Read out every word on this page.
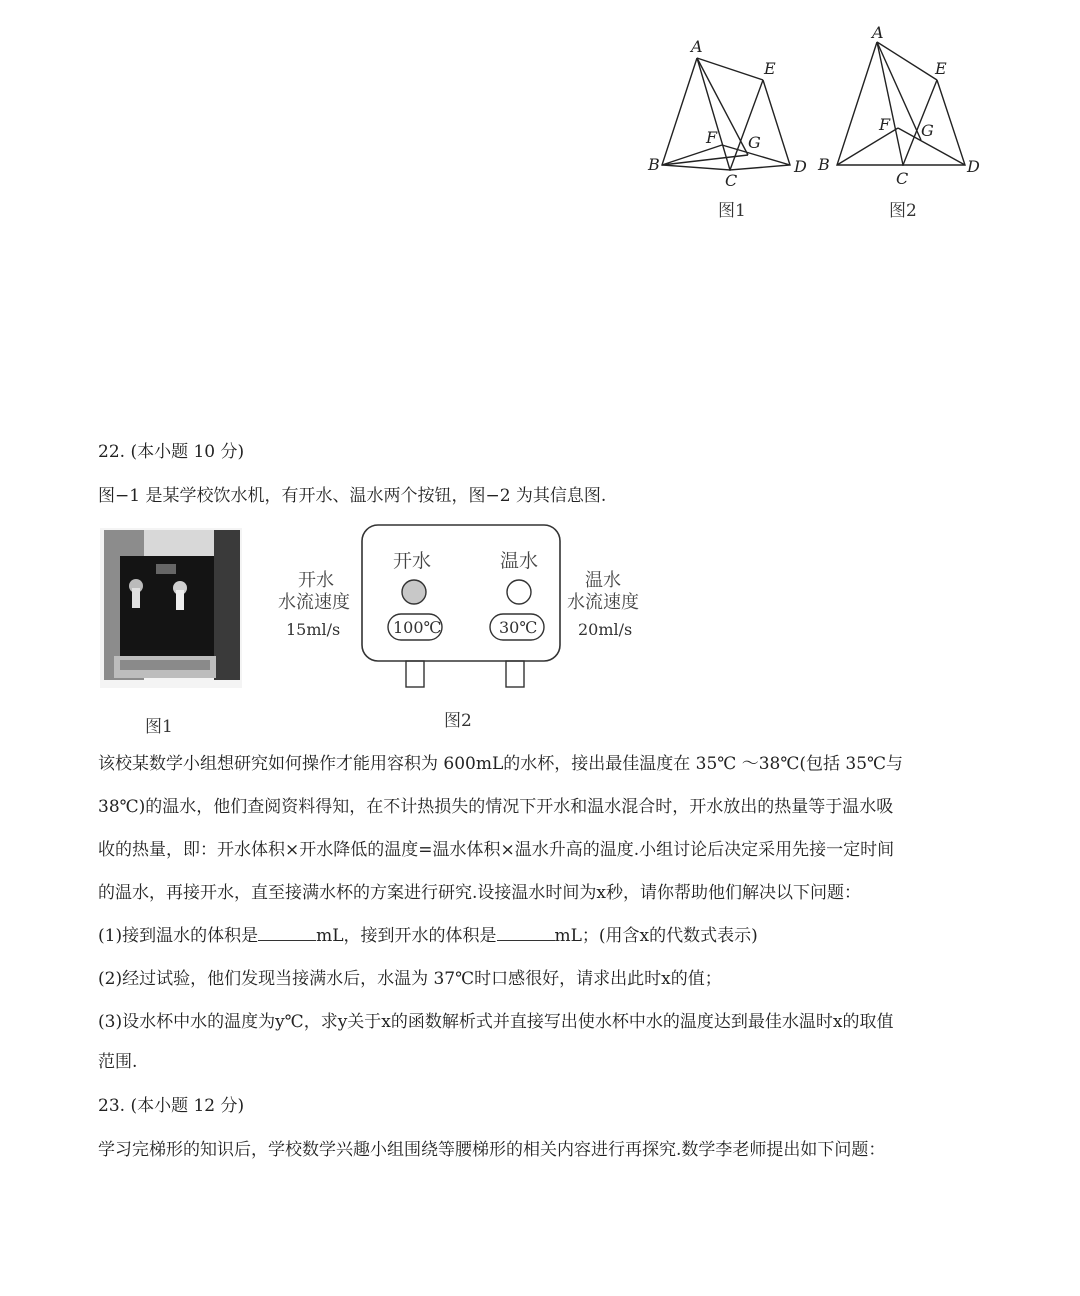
A
E
F G
B
C
D
图1
A
E
F G
B
C
D
图2
22. (本小题 10 分)
图−1 是某学校饮水机，有开水、温水两个按钮，图−2 为其信息图.
图1
开水	温水
100℃	30℃
开水
水流速度
15ml/s
温水
水流速度
20ml/s
图2
该校某数学小组想研究如何操作才能用容积为 600mL的水杯，接出最佳温度在 35℃ ～38℃(包括 35℃与
38℃)的温水，他们查阅资料得知，在不计热损失的情况下开水和温水混合时，开水放出的热量等于温水吸
收的热量，即：开水体积×开水降低的温度=温水体积×温水升高的温度.小组讨论后决定采用先接一定时间
的温水，再接开水，直至接满水杯的方案进行研究.设接温水时间为x秒，请你帮助他们解决以下问题：
(1)接到温水的体积是	mL，接到开水的体积是	mL；(用含x的代数式表示)
(2)经过试验，他们发现当接满水后，水温为 37℃时口感很好，请求出此时x的值；
(3)设水杯中水的温度为y℃，求y关于x的函数解析式并直接写出使水杯中水的温度达到最佳水温时x的取值
范围.
23. (本小题 12 分)
学习完梯形的知识后，学校数学兴趣小组围绕等腰梯形的相关内容进行再探究.数学李老师提出如下问题：
